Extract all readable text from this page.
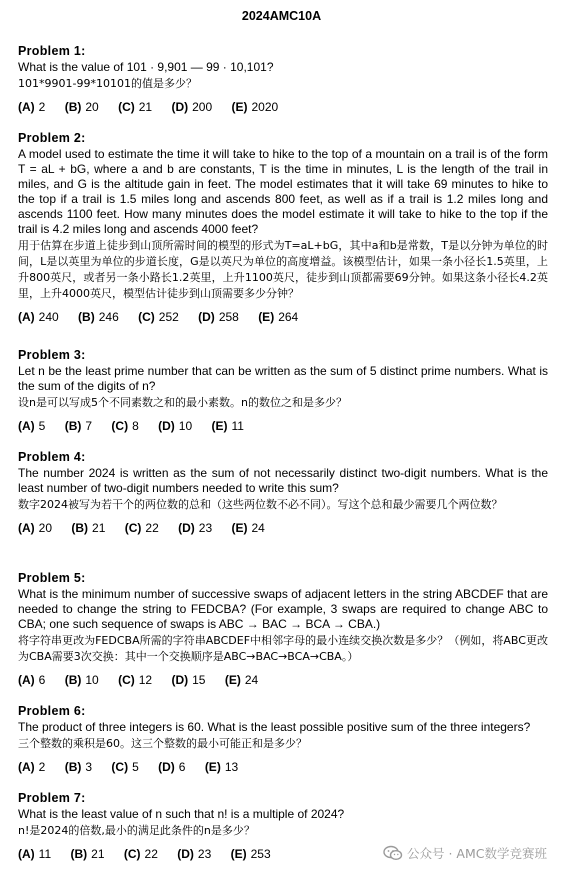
2024AMC10A
Problem 1:
What is the value of 101 · 9,901 — 99 · 10,101?
101*9901-99*10101的值是多少？
(A) 2 (B) 20 (C) 21 (D) 200 (E) 2020
Problem 2:
A model used to estimate the time it will take to hike to the top of a mountain on a trail is of the form T = aL + bG, where a and b are constants, T is the time in minutes, L is the length of the trail in miles, and G is the altitude gain in feet. The model estimates that it will take 69 minutes to hike to the top if a trail is 1.5 miles long and ascends 800 feet, as well as if a trail is 1.2 miles long and ascends 1100 feet. How many minutes does the model estimate it will take to hike to the top if the trail is 4.2 miles long and ascends 4000 feet?
用于估算在步道上徒步到山顶所需时间的模型的形式为T=aL+bG，其中a和b是常数，T是以分钟为单位的时间，L是以英里为单位的步道长度，G是以英尺为单位的高度增益。该模型估计，如果一条小径长1.5英里，上升800英尺，或者另一条小路长1.2英里，上升1100英尺，徒步到山顶都需要69分钟。如果这条小径长4.2英里，上升4000英尺，模型估计徒步到山顶需要多少分钟？
(A) 240 (B) 246 (C) 252 (D) 258 (E) 264
Problem 3:
Let n be the least prime number that can be written as the sum of 5 distinct prime numbers. What is the sum of the digits of n?
设n是可以写成5个不同素数之和的最小素数。n的数位之和是多少？
(A) 5 (B) 7 (C) 8 (D) 10 (E) 11
Problem 4:
The number 2024 is written as the sum of not necessarily distinct two-digit numbers. What is the least number of two-digit numbers needed to write this sum?
数字2024被写为若干个的两位数的总和（这些两位数不必不同）。写这个总和最少需要几个两位数？
(A) 20 (B) 21 (C) 22 (D) 23 (E) 24
Problem 5:
What is the minimum number of successive swaps of adjacent letters in the string ABCDEF that are needed to change the string to FEDCBA? (For example, 3 swaps are required to change ABC to CBA; one such sequence of swaps is ABC → BAC → BCA → CBA.)
将字符串更改为FEDCBA所需的字符串ABCDEF中相邻字母的最小连续交换次数是多少？（例如，将ABC更改为CBA需要3次交换：其中一个交换顺序是ABC→BAC→BCA→CBA。）
(A) 6 (B) 10 (C) 12 (D) 15 (E) 24
Problem 6:
The product of three integers is 60. What is the least possible positive sum of the three integers?
三个整数的乘积是60。这三个整数的最小可能正和是多少？
(A) 2 (B) 3 (C) 5 (D) 6 (E) 13
Problem 7:
What is the least value of n such that n! is a multiple of 2024?
n!是2024的倍数,最小的满足此条件的n是多少？
(A) 11 (B) 21 (C) 22 (D) 23 (E) 253	公众号 · AMC数学竞赛班
